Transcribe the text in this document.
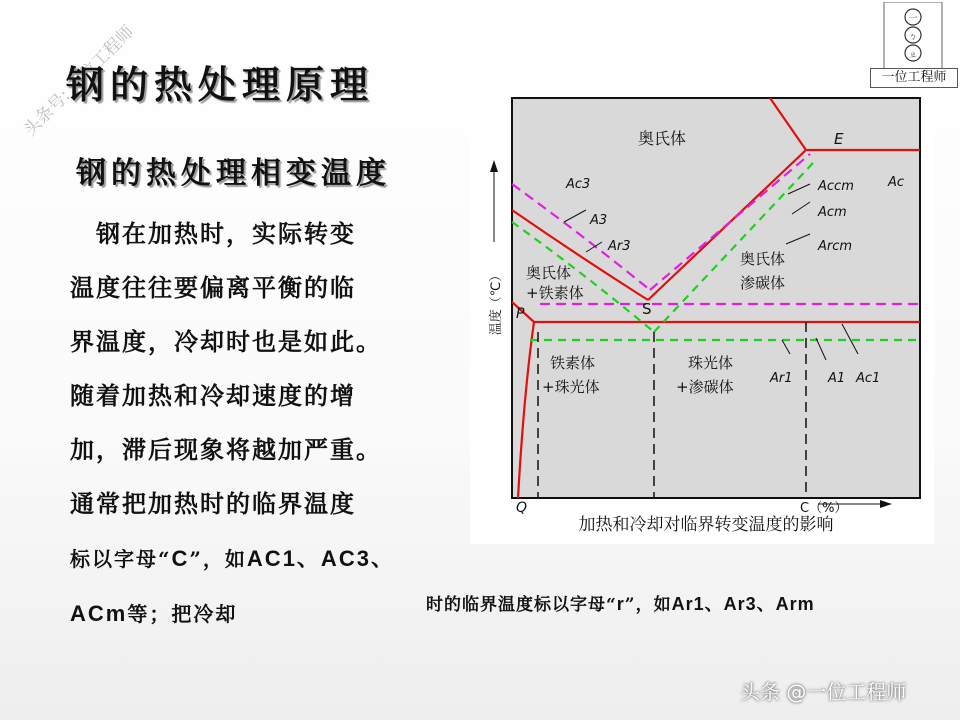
头条号: 一位工程师
一
ㄅ
ㄓ
一位工程师
钢的热处理原理
钢的热处理相变温度
　钢在加热时，实际转变
温度往往要偏离平衡的临
界温度，冷却时也是如此。
随着加热和冷却速度的增
加，滞后现象将越加严重。
通常把加热时的临界温度
标以字母“C”，如AC1、AC3、
ACm等；把冷却	时的临界温度标以字母“r”，如Ar1、Ar3、Arm
温度（℃）
C（%）
奥氏体
奥氏体
+铁素体
奥氏体
渗碳体
铁素体
+珠光体
珠光体
+渗碳体
E
S
P
Q
Ac3
A3
Ar3
Accm
Acm
Arcm
Ac
Ar1	A1 Ac1
加热和冷却对临界转变温度的影响
头条 @一位工程师
